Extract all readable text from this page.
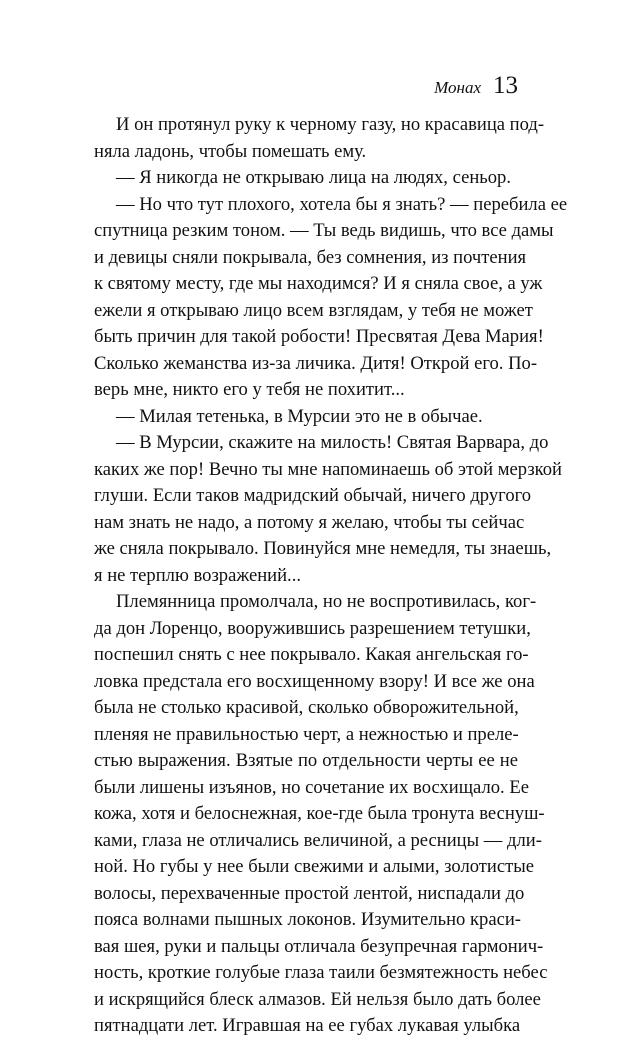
Монах 13
И он протянул руку к черному газу, но красавица под-
няла ладонь, чтобы помешать ему.
— Я никогда не открываю лица на людях, сеньор.
— Но что тут плохого, хотела бы я знать? — перебила ее
спутница резким тоном. — Ты ведь видишь, что все дамы
и девицы сняли покрывала, без сомнения, из почтения
к святому месту, где мы находимся? И я сняла свое, а уж
ежели я открываю лицо всем взглядам, у тебя не может
быть причин для такой робости! Пресвятая Дева Мария!
Сколько жеманства из-за личика. Дитя! Открой его. По-
верь мне, никто его у тебя не похитит...
— Милая тетенька, в Мурсии это не в обычае.
— В Мурсии, скажите на милость! Святая Варвара, до
каких же пор! Вечно ты мне напоминаешь об этой мерзкой
глуши. Если таков мадридский обычай, ничего другого
нам знать не надо, а потому я желаю, чтобы ты сейчас
же сняла покрывало. Повинуйся мне немедля, ты знаешь,
я не терплю возражений...
Племянница промолчала, но не воспротивилась, ког-
да дон Лоренцо, вооружившись разрешением тетушки,
поспешил снять с нее покрывало. Какая ангельская го-
ловка предстала его восхищенному взору! И все же она
была не столько красивой, сколько обворожительной,
пленяя не правильностью черт, а нежностью и преле-
стью выражения. Взятые по отдельности черты ее не
были лишены изъянов, но сочетание их восхищало. Ее
кожа, хотя и белоснежная, кое-где была тронута веснуш-
ками, глаза не отличались величиной, а ресницы — дли-
ной. Но губы у нее были свежими и алыми, золотистые
волосы, перехваченные простой лентой, ниспадали до
пояса волнами пышных локонов. Изумительно краси-
вая шея, руки и пальцы отличала безупречная гармонич-
ность, кроткие голубые глаза таили безмятежность небес
и искрящийся блеск алмазов. Ей нельзя было дать более
пятнадцати лет. Игравшая на ее губах лукавая улыбка
